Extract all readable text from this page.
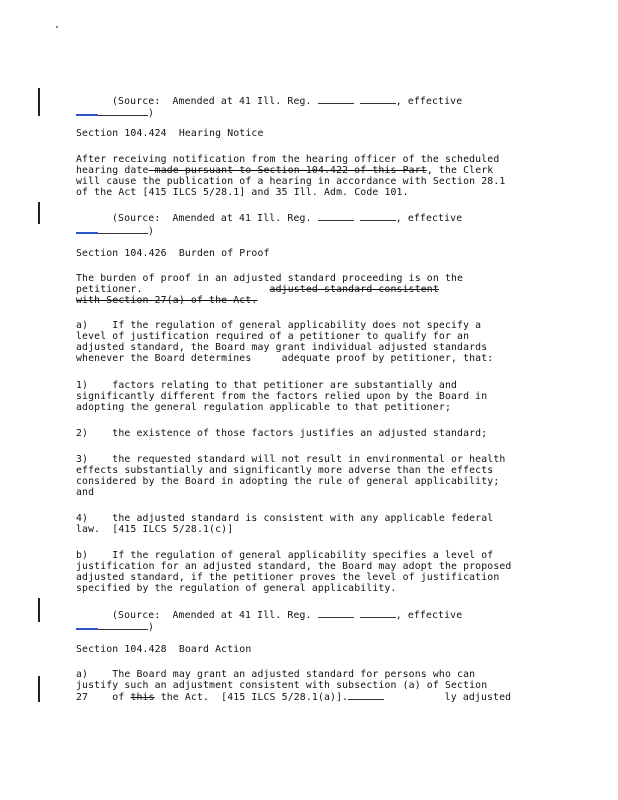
(Source:  Amended at 41 Ill. Reg.	, effective
)
Section 104.424  Hearing Notice
After receiving notification from the hearing officer of the scheduled
hearing date made pursuant to Section 104.422 of this Part, the Clerk
will cause the publication of a hearing in accordance with Section 28.1
of the Act [415 ILCS 5/28.1] and 35 Ill. Adm. Code 101.
(Source:  Amended at 41 Ill. Reg.	, effective
)
Section 104.426  Burden of Proof
The burden of proof in an adjusted standard proceeding is on the
petitioner.	adjusted standard consistent
with Section 27(a) of the Act.
a)    If the regulation of general applicability does not specify a
level of justification required of a petitioner to qualify for an
adjusted standard, the Board may grant individual adjusted standards
whenever the Board determines     adequate proof by petitioner, that:
1)    factors relating to that petitioner are substantially and
significantly different from the factors relied upon by the Board in
adopting the general regulation applicable to that petitioner;
2)    the existence of those factors justifies an adjusted standard;
3)    the requested standard will not result in environmental or health
effects substantially and significantly more adverse than the effects
considered by the Board in adopting the rule of general applicability;
and
4)    the adjusted standard is consistent with any applicable federal
law.  [415 ILCS 5/28.1(c)]
b)    If the regulation of general applicability specifies a level of
justification for an adjusted standard, the Board may adopt the proposed
adjusted standard, if the petitioner proves the level of justification
specified by the regulation of general applicability.
(Source:  Amended at 41 Ill. Reg.	, effective
)
Section 104.428  Board Action
a)    The Board may grant an adjusted standard for persons who can
justify such an adjustment consistent with subsection (a) of Section
27    of this the Act.  [415 ILCS 5/28.1(a)].	ly adjusted
